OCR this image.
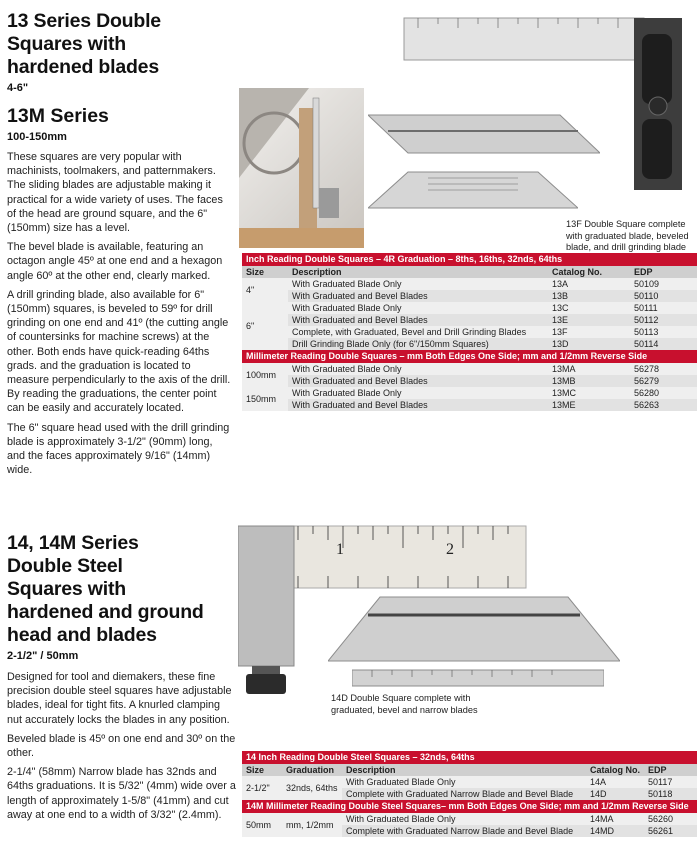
13 Series Double
Squares with
hardened blades
4-6"
13M Series
100-150mm

These squares are very popular with machinists, toolmakers, and patternmakers. The sliding blades are adjustable making it practical for a wide variety of uses. The faces of the head are ground square, and the 6" (150mm) size has a level.

The bevel blade is available, featuring an octagon angle 45º at one end and a hexagon angle 60º at the other end, clearly marked.

A drill grinding blade, also available for 6" (150mm) squares, is beveled to 59º for drill grinding on one end and 41º (the cutting angle of countersinks for machine screws) at the other. Both ends have quick-reading 64ths grads. and the graduation is located to measure perpendicularly to the axis of the drill. By reading the graduations, the center point can be easily and accurately located.

The 6" square head used with the drill grinding blade is approximately 3-1/2" (90mm) long, and the faces approximately 9/16" (14mm) wide.

13F Double Square complete with graduated blade, beveled blade, and drill grinding blade
Inch Reading Double Squares – 4R Graduation – 8ths, 16ths, 32nds, 64ths
Size	Description	Catalog No.	EDP
4"	With Graduated Blade Only	13A	50109
	With Graduated and Bevel Blades	13B	50110
6"	With Graduated Blade Only	13C	50111
	With Graduated and Bevel Blades	13E	50112
	Complete, with Graduated, Bevel and Drill Grinding Blades	13F	50113
	Drill Grinding Blade Only (for 6"/150mm Squares)	13D	50114
Millimeter Reading Double Squares – mm Both Edges One Side; mm and 1/2mm Reverse Side
100mm	With Graduated Blade Only	13MA	56278
	With Graduated and Bevel Blades	13MB	56279
150mm	With Graduated Blade Only	13MC	56280
	With Graduated and Bevel Blades	13ME	56263
14, 14M Series
Double Steel
Squares with
hardened and ground
head and blades
2-1/2" / 50mm

Designed for tool and diemakers, these fine precision double steel squares have adjustable blades, ideal for tight fits. A knurled clamping nut accurately locks the blades in any position.

Beveled blade is 45º on one end and 30º on the other.

2-1/4" (58mm) Narrow blade has 32nds and 64ths graduations. It is 5/32" (4mm) wide over a length of approximately 1-5/8" (41mm) and cut away at one end to a width of 3/32" (2.4mm).

1	2
14D Double Square complete with graduated, bevel and narrow blades
14 Inch Reading Double Steel Squares – 32nds, 64ths
Size	Graduation	Description	Catalog No.	EDP
2-1/2"	32nds, 64ths	With Graduated Blade Only	14A	50117
		Complete with Graduated Narrow Blade and Bevel Blade	14D	50118
14M Millimeter Reading Double Steel Squares– mm Both Edges One Side; mm and 1/2mm Reverse Side
50mm	mm, 1/2mm	With Graduated Blade Only	14MA	56260
		Complete with Graduated Narrow Blade and Bevel Blade	14MD	56261
